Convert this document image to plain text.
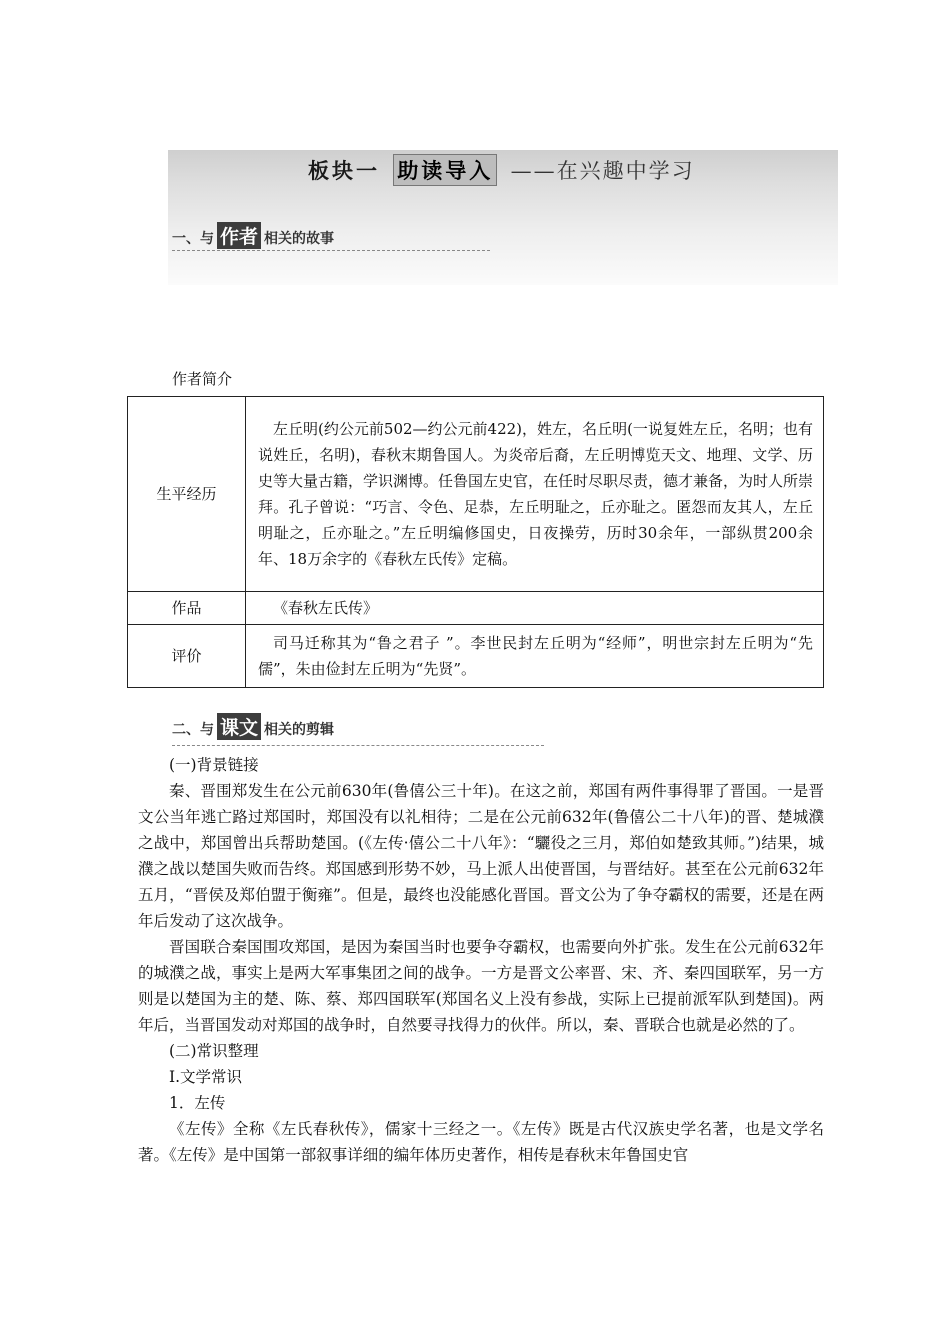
板块一 助读导入 ——在兴趣中学习
一、与 作者 相关的故事
作者简介
生平经历	左丘明(约公元前502—约公元前422)，姓左，名丘明(一说复姓左丘，名明；也有说姓丘，名明)，春秋末期鲁国人。为炎帝后裔，左丘明博览天文、地理、文学、历史等大量古籍，学识渊博。任鲁国左史官，在任时尽职尽责，德才兼备，为时人所崇拜。孔子曾说：“巧言、令色、足恭，左丘明耻之，丘亦耻之。匿怨而友其人，左丘明耻之，丘亦耻之。”左丘明编修国史，日夜操劳，历时30余年，一部纵贯200余年、18万余字的《春秋左氏传》定稿。
作品	《春秋左氏传》
评价	司马迁称其为“鲁之君子 ”。李世民封左丘明为“经师”，明世宗封左丘明为“先儒”，朱由俭封左丘明为“先贤”。
二、与 课文 相关的剪辑

(一)背景链接

秦、晋围郑发生在公元前630年(鲁僖公三十年)。在这之前，郑国有两件事得罪了晋国。一是晋文公当年逃亡路过郑国时，郑国没有以礼相待；二是在公元前632年(鲁僖公二十八年)的晋、楚城濮之战中，郑国曾出兵帮助楚国。(《左传·僖公二十八年》：“驪役之三月，郑伯如楚致其师。”)结果，城濮之战以楚国失败而告终。郑国感到形势不妙，马上派人出使晋国，与晋结好。甚至在公元前632年五月，“晋侯及郑伯盟于衡雍”。但是，最终也没能感化晋国。晋文公为了争夺霸权的需要，还是在两年后发动了这次战争。

晋国联合秦国围攻郑国，是因为秦国当时也要争夺霸权，也需要向外扩张。发生在公元前632年的城濮之战，事实上是两大军事集团之间的战争。一方是晋文公率晋、宋、齐、秦四国联军，另一方则是以楚国为主的楚、陈、蔡、郑四国联军(郑国名义上没有参战，实际上已提前派军队到楚国)。两年后，当晋国发动对郑国的战争时，自然要寻找得力的伙伴。所以，秦、晋联合也就是必然的了。

(二)常识整理

Ⅰ.文学常识

1．左传

《左传》全称《左氏春秋传》，儒家十三经之一。《左传》既是古代汉族史学名著，也是文学名著。《左传》是中国第一部叙事详细的编年体历史著作，相传是春秋末年鲁国史官
